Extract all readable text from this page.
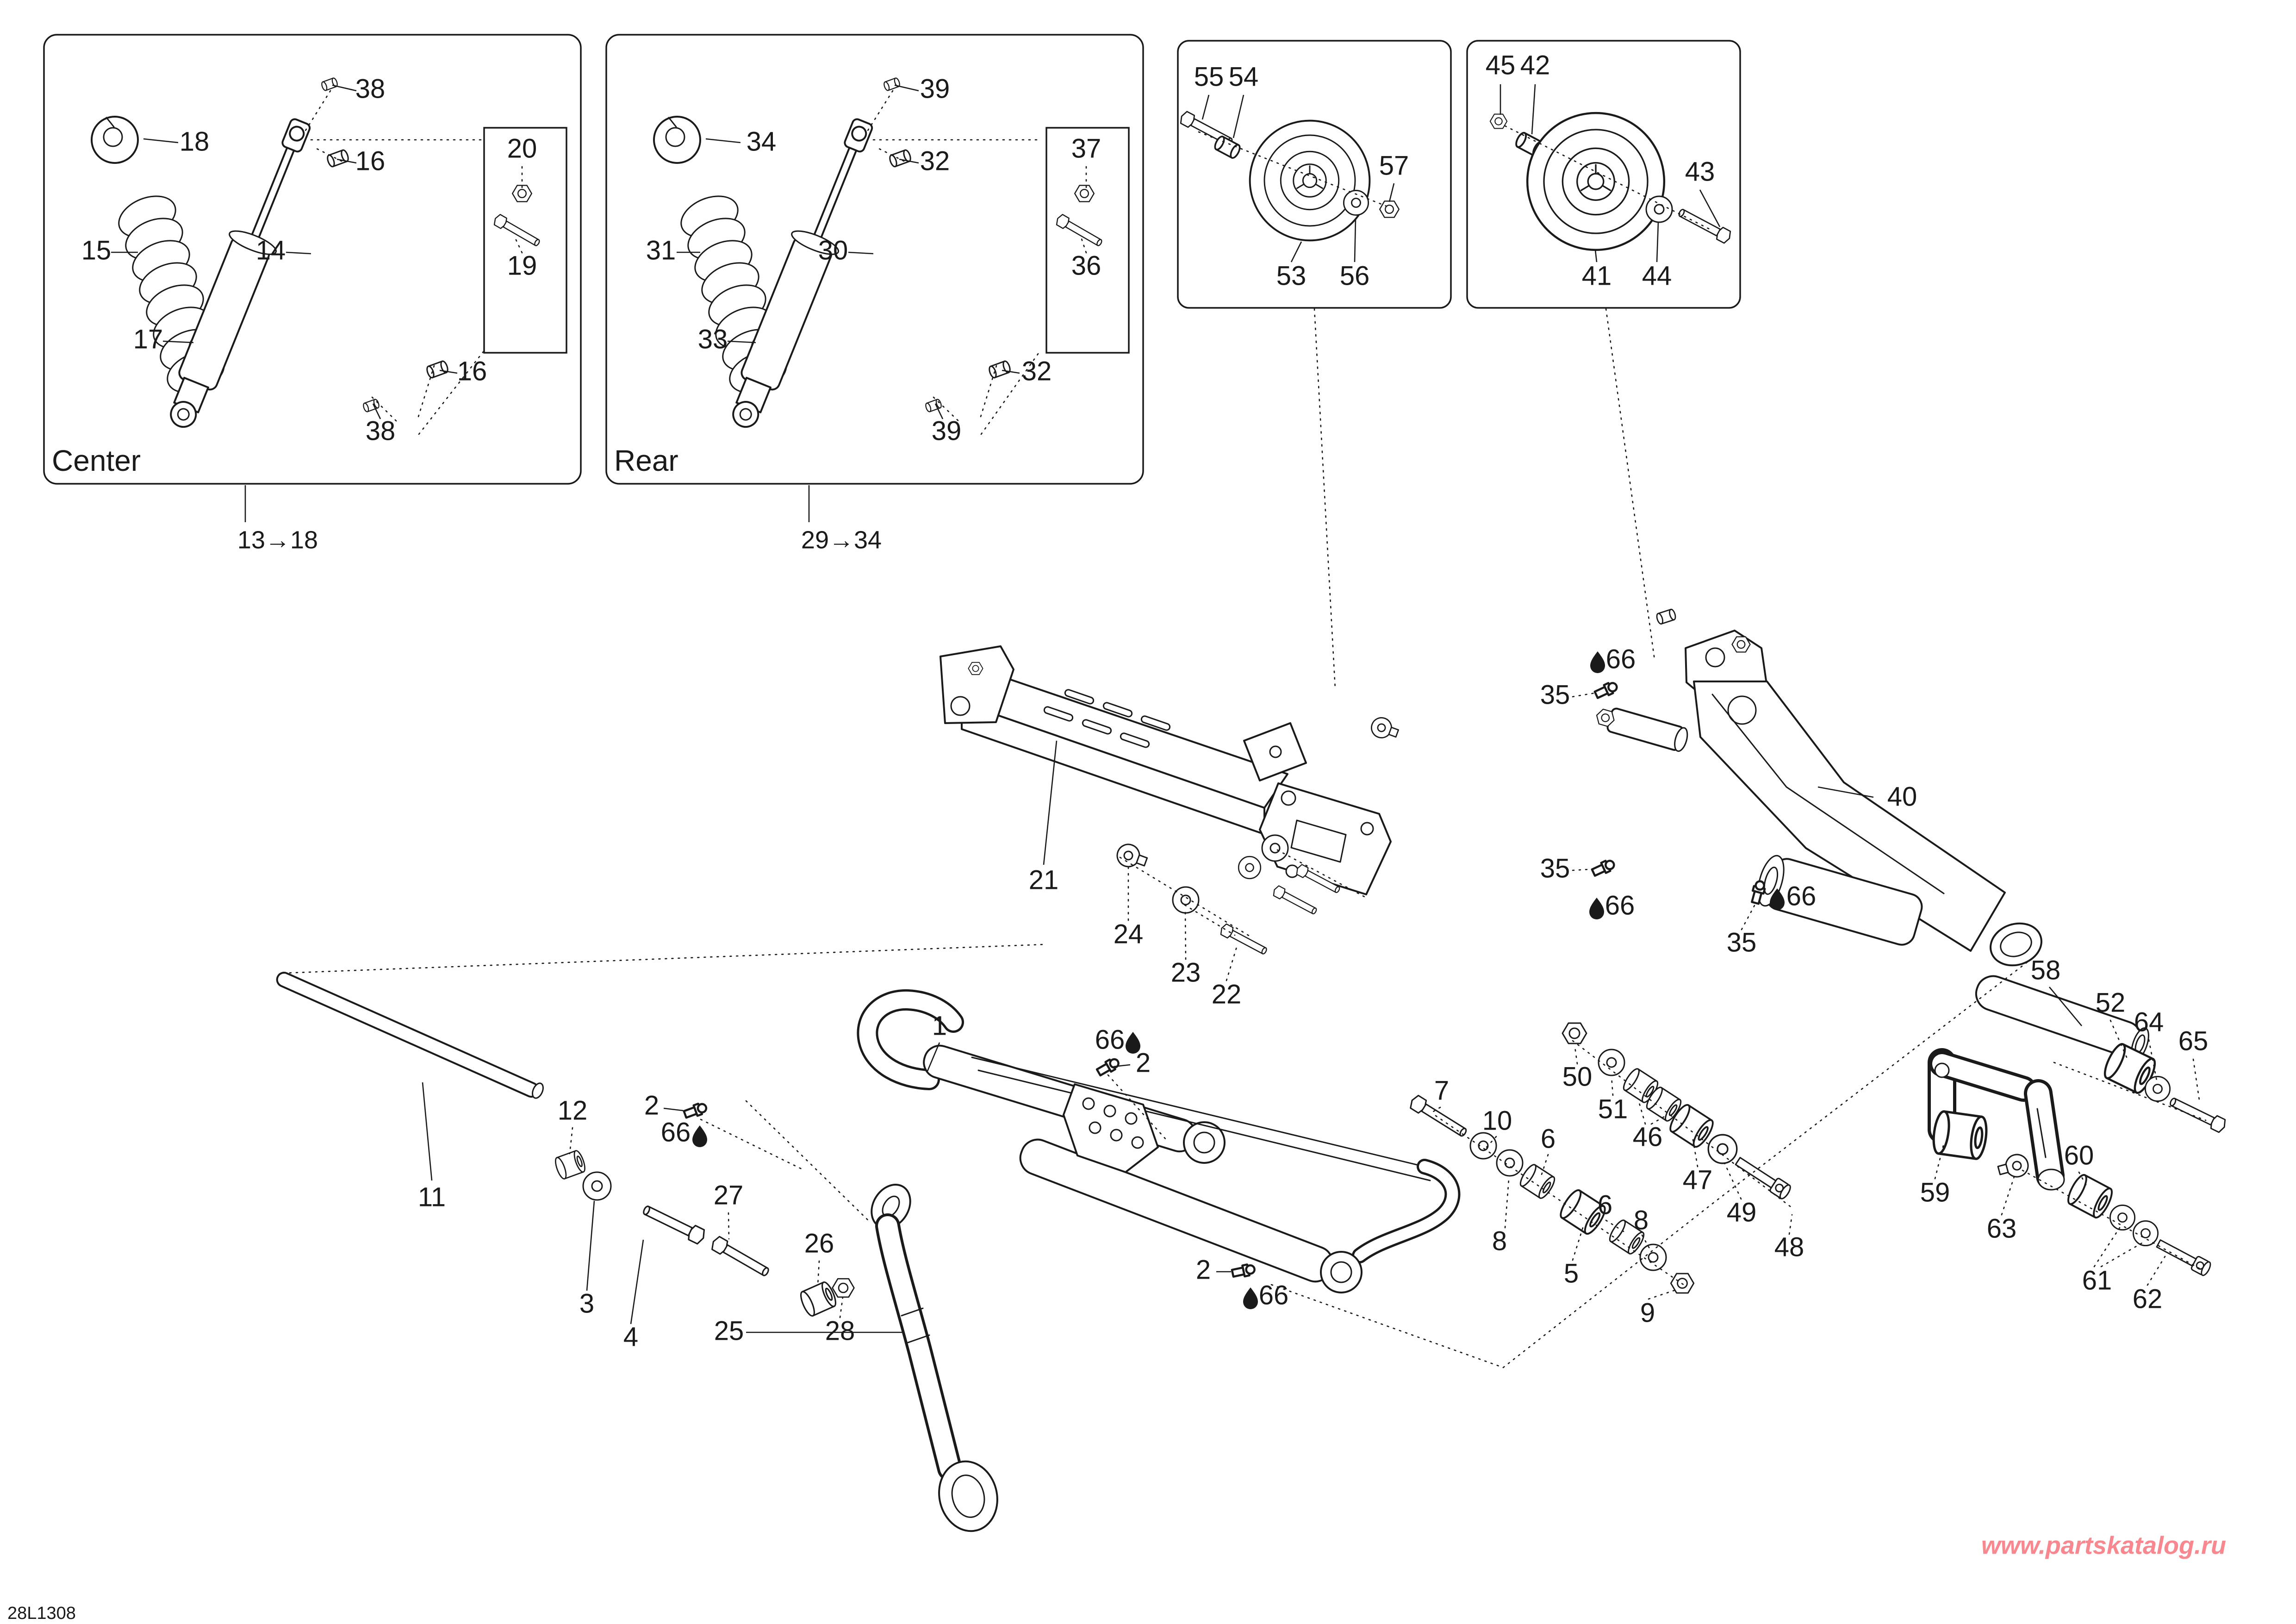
18
38
16	20
19
15	14
17
16
38
Center
13→18
39
34
32	37
36
31	30
33
32
39
Rear
29→34
55 54
57
53 56
45 42
43
41 44
21
24
23
22
40
35
66
35
66	66
35
1
11
12
3
4
66
2
2
66
2
66
27
26
25	28
7
10
6
8
5
6
8
9
50
51
46
47
49
48
58
52
64
65
59
63
60
61
62
28L1308
www.partskatalog.ru
